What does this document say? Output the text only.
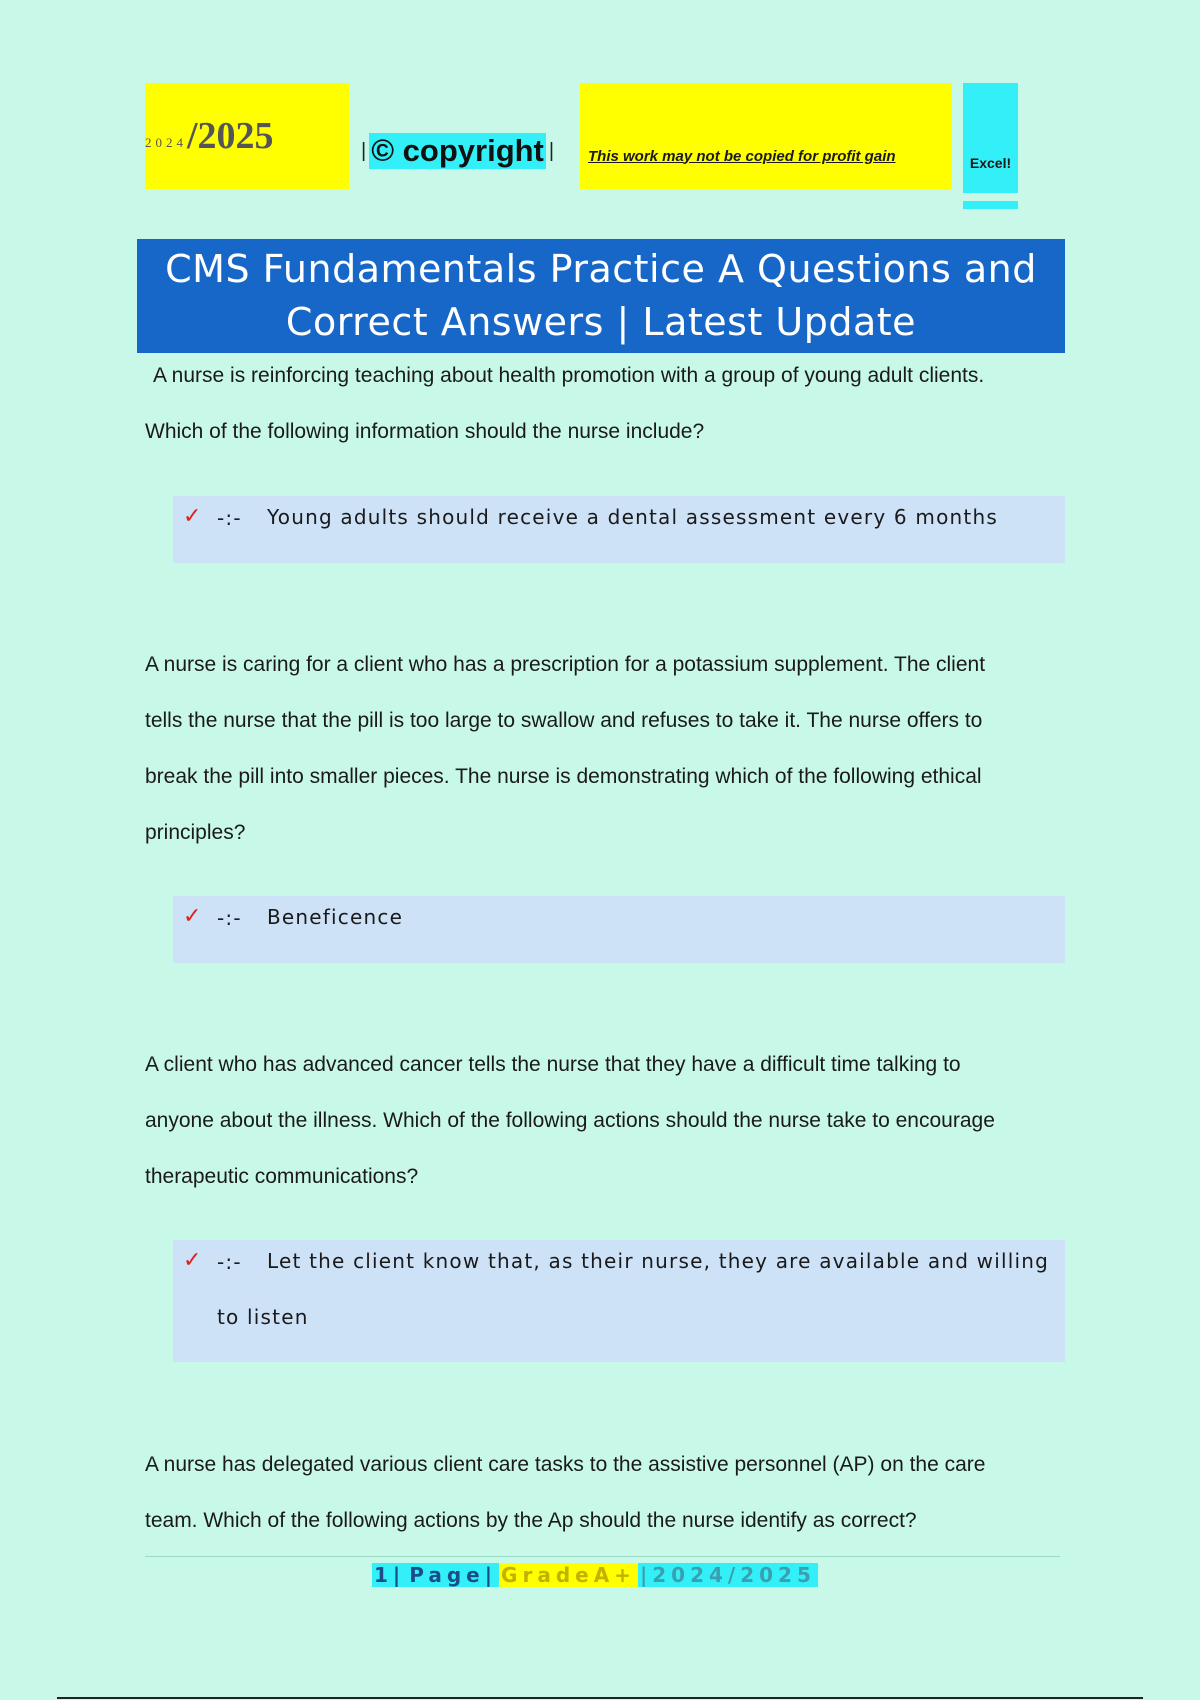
2024 /2025	| © copyright | This work may not be copied for profit gain	Excel!
CMS Fundamentals Practice A Questions and
Correct Answers | Latest Update
A nurse is reinforcing teaching about health promotion with a group of young adult clients.
Which of the following information should the nurse include?
✓ -:- Young adults should receive a dental assessment every 6 months
A nurse is caring for a client who has a prescription for a potassium supplement. The client
tells the nurse that the pill is too large to swallow and refuses to take it. The nurse offers to
break the pill into smaller pieces. The nurse is demonstrating which of the following ethical
principles?
✓ -:- Beneficence
A client who has advanced cancer tells the nurse that they have a difficult time talking to
anyone about the illness. Which of the following actions should the nurse take to encourage
therapeutic communications?
✓ -:-	Let the client know that, as their nurse, they are available and willing
to listen
A nurse has delegated various client care tasks to the assistive personnel (AP) on the care
team. Which of the following actions by the Ap should the nurse identify as correct?
1| Page| GradeA+ |2024/2025
